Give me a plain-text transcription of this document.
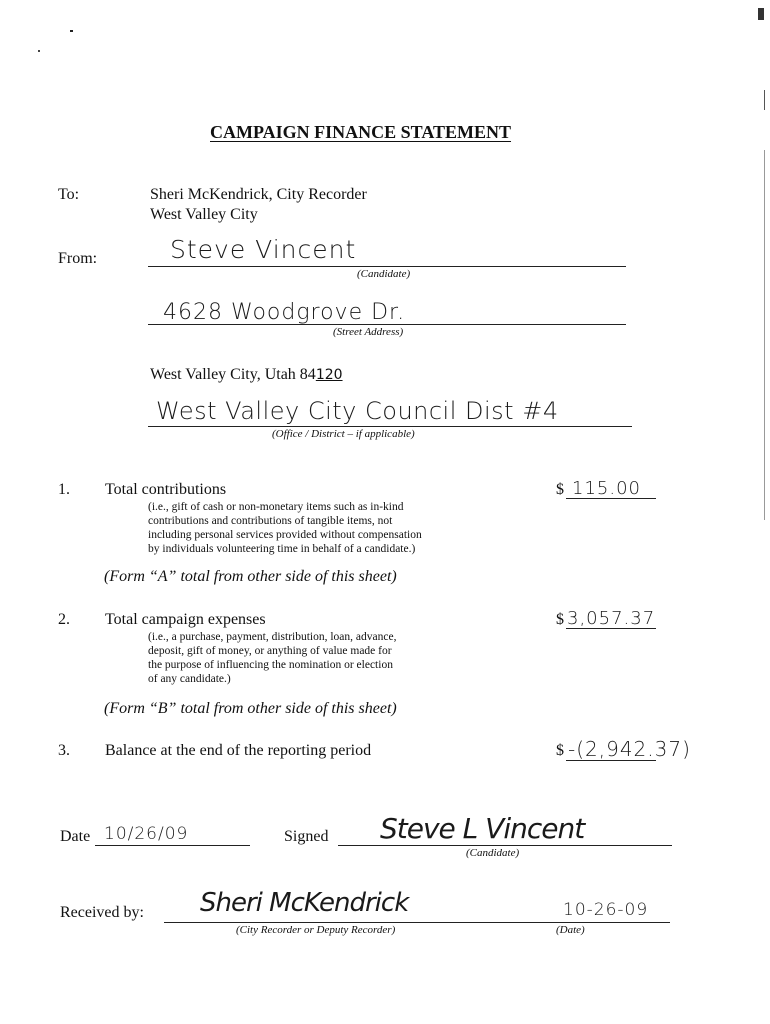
CAMPAIGN FINANCE STATEMENT
To:	Sheri McKendrick, City Recorder
West Valley City
From:	Steve Vincent
(Candidate)
4628 Woodgrove Dr.
(Street Address)
West Valley City, Utah 84120
West Valley City Council Dist #4
(Office / District – if applicable)
1. Total contributions
(i.e., gift of cash or non-monetary items such as in-kind
contributions and contributions of tangible items, not
including personal services provided without compensation
by individuals volunteering time in behalf of a candidate.)
(Form “A” total from other side of this sheet)
$ 115.00
2. Total campaign expenses
(i.e., a purchase, payment, distribution, loan, advance,
deposit, gift of money, or anything of value made for
the purpose of influencing the nomination or election
of any candidate.)
(Form “B” total from other side of this sheet)
$ 3,057.37
3. Balance at the end of the reporting period	$ -(2,942.37)
Date 10/26/09	Signed Steve L Vincent
(Candidate)
Received by: Sheri McKendrick
(City Recorder or Deputy Recorder)
10-26-09
(Date)
